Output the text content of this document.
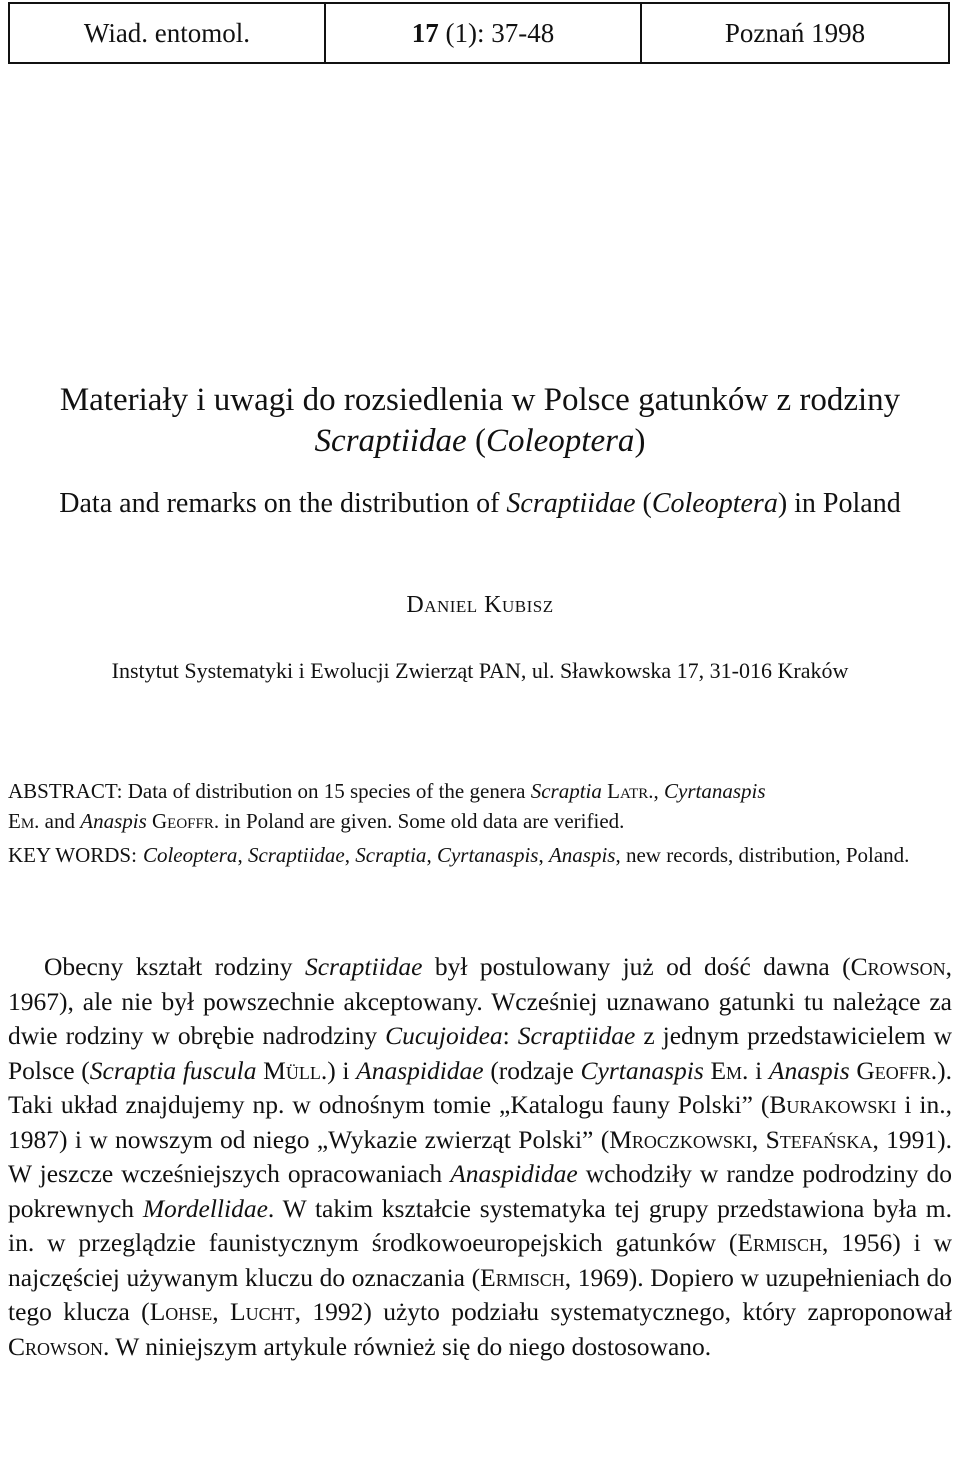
Wiad. entomol.	17
(1): 37-48	Poznań 1998
Materiały i uwagi do rozsiedlenia w Polsce gatunków z rodziny
Scraptiidae (Coleoptera)
Data and remarks on the distribution of Scraptiidae (Coleoptera) in Poland
Daniel Kubisz
Instytut Systematyki i Ewolucji Zwierząt PAN, ul. Sławkowska 17, 31-016 Kraków

ABSTRACT: Data of distribution on 15 species of the genera Scraptia Latr., Cyrtanaspis
Em. and Anaspis Geoffr. in Poland are given. Some old data are verified.

KEY WORDS: Coleoptera, Scraptiidae, Scraptia, Cyrtanaspis, Anaspis, new records, distribution, Poland.

Obecny kształt rodziny Scraptiidae był postulowany już od dość dawna (Crowson, 1967), ale nie był powszechnie akceptowany. Wcześniej uznawano gatunki tu należące za dwie rodziny w obrębie nadrodziny Cucujoidea: Scraptiidae z jednym przedstawicielem w Polsce (Scraptia fuscula Müll.) i Anaspididae (rodzaje Cyrtanaspis Em. i Anaspis Geoffr.). Taki układ znajdujemy np. w odnośnym tomie „Katalogu fauny Polski” (Burakowski i in., 1987) i w nowszym od niego „Wykazie zwierząt Polski” (Mroczkowski, Stefańska, 1991). W jeszcze wcześniejszych opracowaniach Anaspididae wchodziły w randze podrodziny do pokrewnych Mordellidae. W takim kształcie systematyka tej grupy przedstawiona była m. in. w przeglądzie faunistycznym środkowoeuropejskich gatunków (Ermisch, 1956) i w najczęściej używanym kluczu do oznaczania (Ermisch, 1969). Dopiero w uzupełnieniach do tego klucza (Lohse, Lucht, 1992) użyto podziału systematycznego, który zaproponował Crowson. W niniejszym artykule również się do niego dostosowano.
